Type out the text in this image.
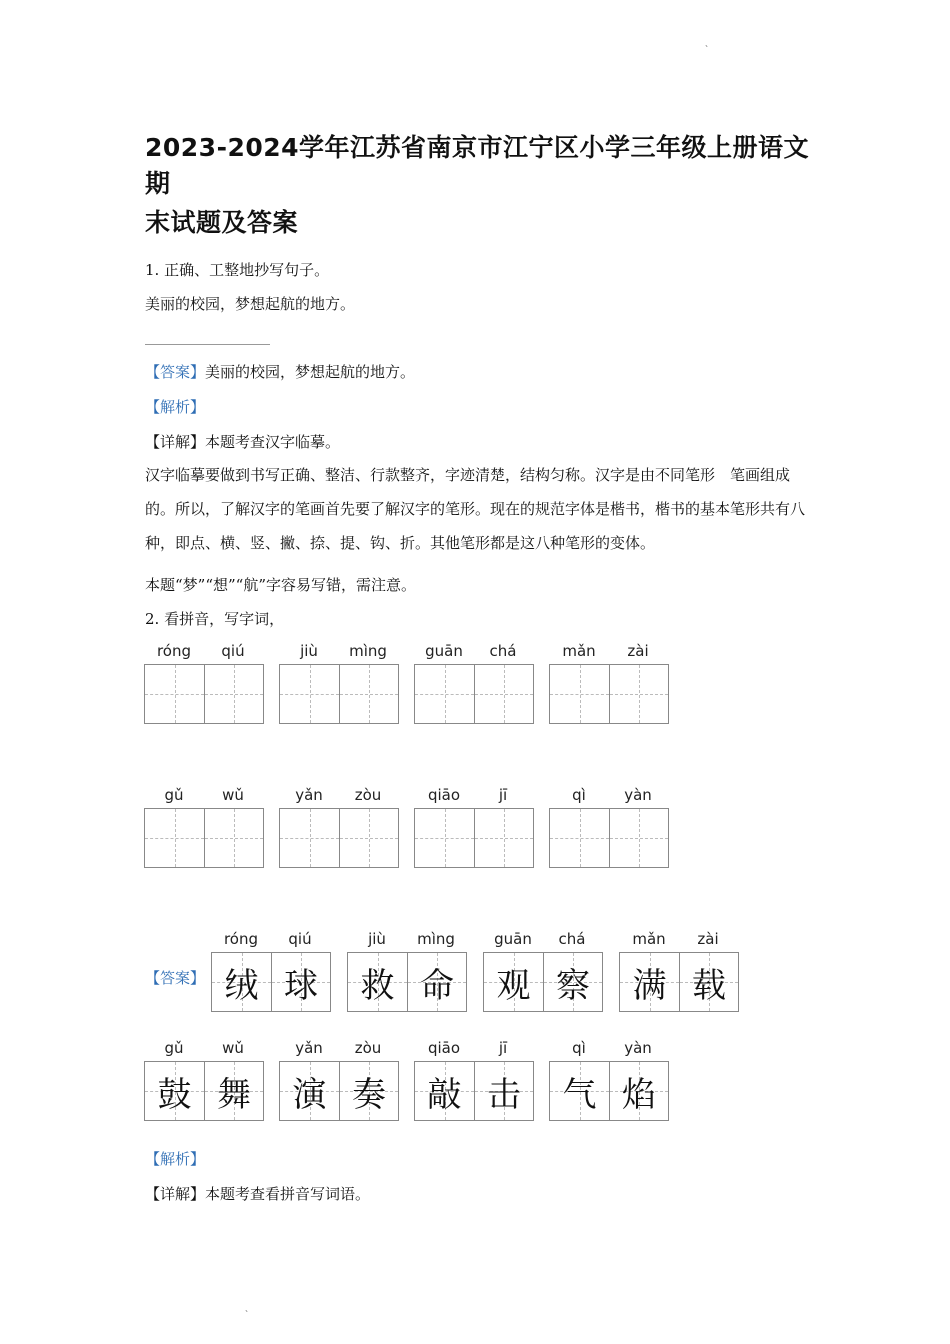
、
2023-2024学年江苏省南京市江宁区小学三年级上册语文期
末试题及答案
1. 正确、工整地抄写句子。
美丽的校园，梦想起航的地方。
【答案】美丽的校园，梦想起航的地方。
【解析】
【详解】本题考查汉字临摹。
汉字临摹要做到书写正确、整洁、行款整齐，字迹清楚，结构匀称。汉字是由不同笔形　笔画组成的。所以，了解汉字的笔画首先要了解汉字的笔形。现在的规范字体是楷书，楷书的基本笔形共有八种，即点、横、竖、撇、捺、提、钩、折。其他笔形都是这八种笔形的变体。
本题“梦”“想”“航”字容易写错，需注意。
2. 看拼音，写字词，
róng	qiú	jiù	mìng	guān	chá	mǎn	zài
gǔ	wǔ	yǎn	zòu	qiāo	jī	qì	yàn
【答案】
róng	qiú
绒 球
jiù	mìng
救 命
guān	chá
观 察
mǎn	zài
满 载
gǔ	wǔ
鼓 舞
yǎn	zòu
演 奏
qiāo	jī
敲 击
qì	yàn
气 焰
【解析】
【详解】本题考查看拼音写词语。
、
